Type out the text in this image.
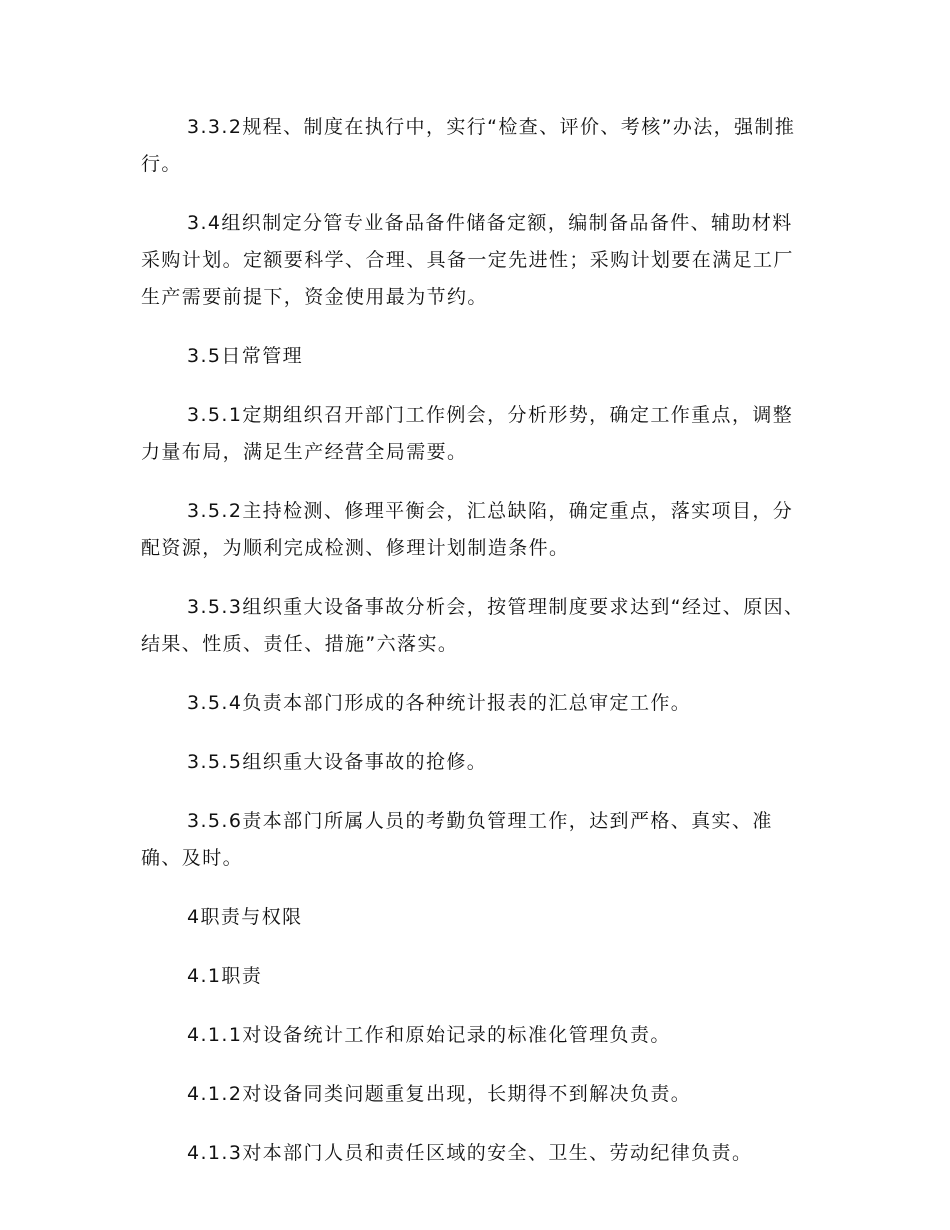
3.3.2规程、制度在执行中，实行“检查、评价、考核”办法，强制推行。

3.4组织制定分管专业备品备件储备定额，编制备品备件、辅助材料采购计划。定额要科学、合理、具备一定先进性；采购计划要在满足工厂生产需要前提下，资金使用最为节约。

3.5日常管理

3.5.1定期组织召开部门工作例会，分析形势，确定工作重点，调整力量布局，满足生产经营全局需要。

3.5.2主持检测、修理平衡会，汇总缺陷，确定重点，落实项目，分配资源，为顺利完成检测、修理计划制造条件。

3.5.3组织重大设备事故分析会，按管理制度要求达到“经过、原因、结果、性质、责任、措施”六落实。

3.5.4负责本部门形成的各种统计报表的汇总审定工作。

3.5.5组织重大设备事故的抢修。

3.5.6责本部门所属人员的考勤负管理工作，达到严格、真实、准确、及时。

4职责与权限

4.1职责

4.1.1对设备统计工作和原始记录的标准化管理负责。

4.1.2对设备同类问题重复出现，长期得不到解决负责。

4.1.3对本部门人员和责任区域的安全、卫生、劳动纪律负责。
